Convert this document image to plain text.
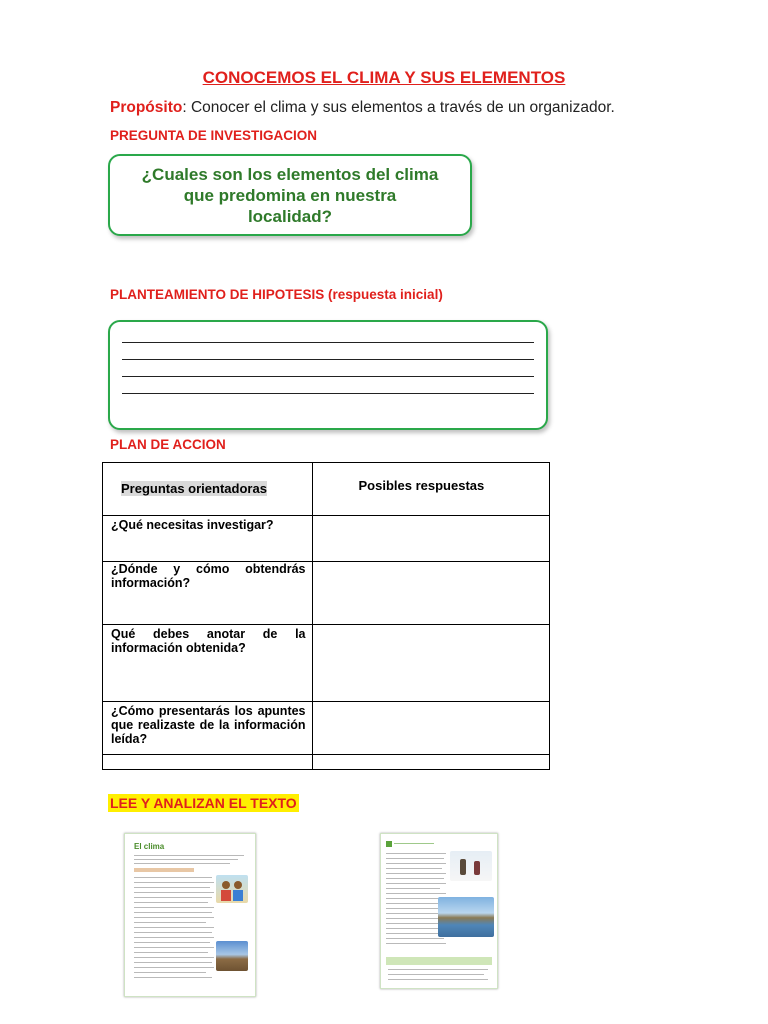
CONOCEMOS EL CLIMA Y SUS ELEMENTOS
Propósito: Conocer el clima y sus elementos a través de un organizador.
PREGUNTA DE INVESTIGACION
¿Cuales son los elementos del clima
que predomina en nuestra
localidad?
PLANTEAMIENTO DE HIPOTESIS (respuesta inicial)
PLAN DE ACCION
Preguntas orientadoras	Posibles respuestas

¿Qué necesitas investigar?	

¿Dónde y cómo obtendrás información?	

Qué debes anotar de la información obtenida?	

¿Cómo presentarás los apuntes que realizaste de la información leída?	

LEE Y ANALIZAN EL TEXTO
El clima
